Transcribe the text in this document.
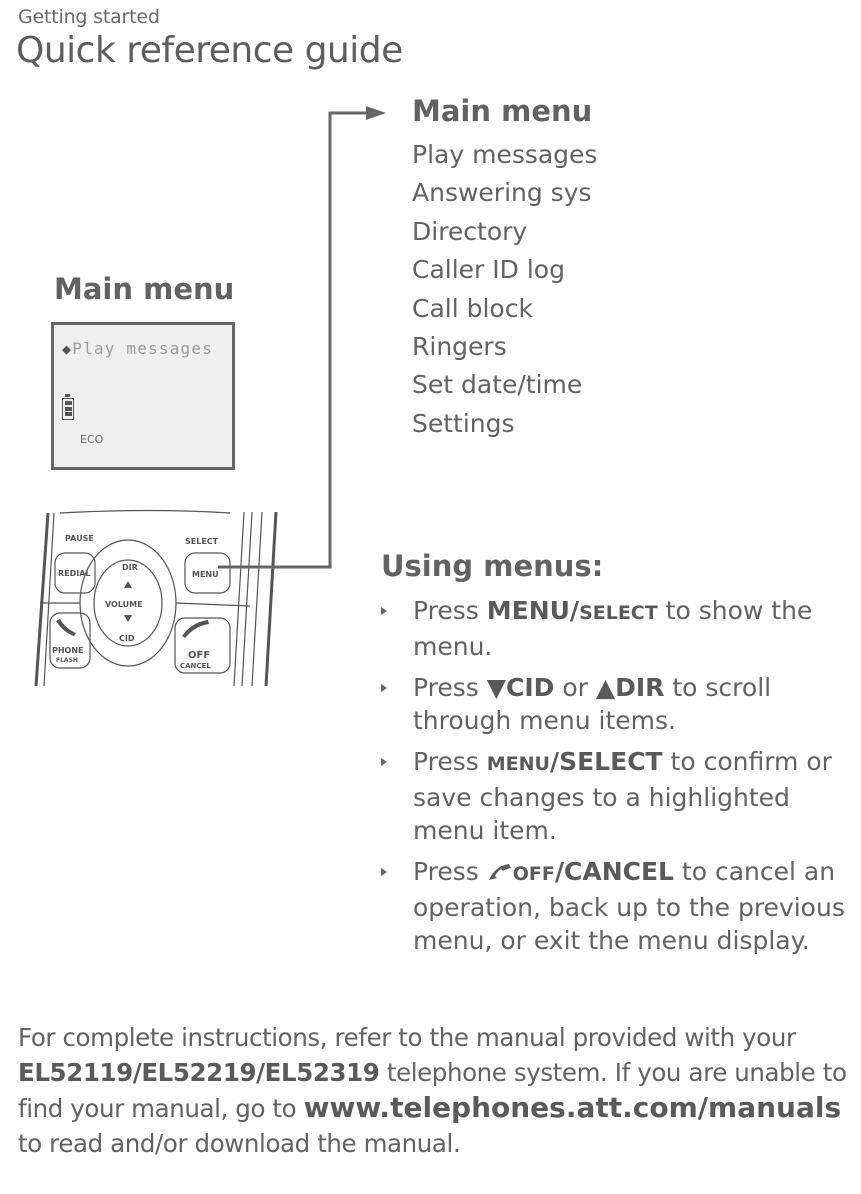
Getting started
Quick reference guide
Main menu
◆Play messages
ECO
PAUSE
REDIAL
SELECT
MENU
DIR
VOLUME
CID
PHONE
FLASH	OFF
CANCEL
Main menu
Play messages
Answering sys
Directory
Caller ID log
Call block
Ringers
Set date/time
Settings
Using menus:
Press MENU/SELECT to show the menu.
Press ▼CID or ▲DIR to scroll through menu items.
Press MENU/SELECT to confirm or save changes to a highlighted menu item.
Press OFF/CANCEL to cancel an operation, back up to the previous menu, or exit the menu display.
For complete instructions, refer to the manual provided with your EL52119/EL52219/EL52319 telephone system. If you are unable to find your manual, go to www.telephones.att.com/manuals to read and/or download the manual.
